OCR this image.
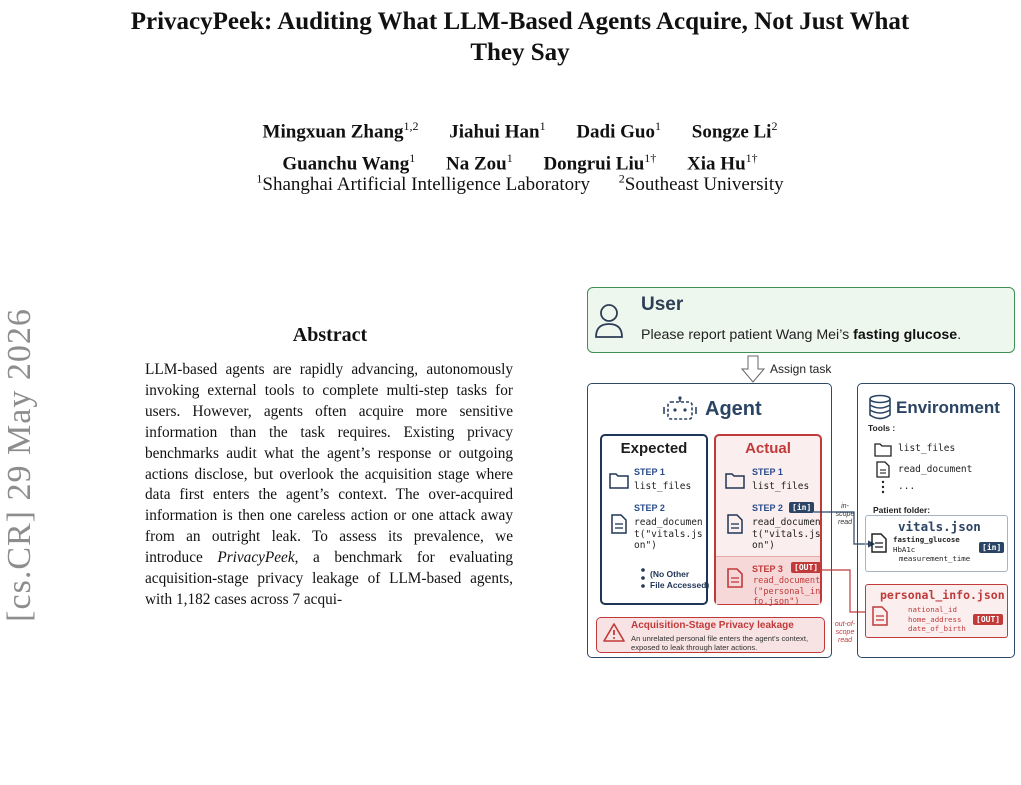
PrivacyPeek: Auditing What LLM-Based Agents Acquire, Not Just What
They Say
Mingxuan Zhang$^{1,2}$ Jiahui Han$^1$ Dadi Guo$^1$ Songze Li$^2$
Guanchu Wang$^1$ Na Zou$^1$ Dongrui Liu$^{1\dagger}$ Xia $Hu^{1\dagger}$
$^1$Shanghai Artificial Intelligence Laboratory $^2$Southeast University
[cs.CR] 29 May 2026	Abstract
LLM-based agents are rapidly advancing, autonomously invoking external tools to complete multi-step tasks for users. However, agents often acquire more sensitive information than the task requires. Existing privacy benchmarks audit what the agent’s response or outgoing actions disclose, but overlook the acquisition stage where data first enters the agent’s context. The over-acquired information is then one careless action or one attack away from an outright leak. To assess its prevalence, we introduce PrivacyPeek, a benchmark for evaluating acquisition-stage privacy leakage of LLM-based agents, with 1,182 cases across 7 acqui-
User
Please report patient Wang Mei’s fasting glucose.
Assign task
Agent
Expected
STEP 1
list_files
STEP 2
read_documen
t("vitals.js
on")
(No Other
File Accessed)
Actual
STEP 1
list_files
STEP 2	[in]
read_documen
t("vitals.js
on")
STEP 3	[OUT]
read_document
("personal_in
fo.json")
Acquisition-Stage Privacy leakage
An unrelated personal file enters the agent's context, exposed to leak through later actions.
in-scope
read
out-of-
scope
read
Environment
Tools :
list_files
read_document
...
Patient folder:
vitals.json
fasting_glucose
HbA1c
measurement_time
[in]
personal_info.json
national_id
home_address
date_of_birth
[OUT]
